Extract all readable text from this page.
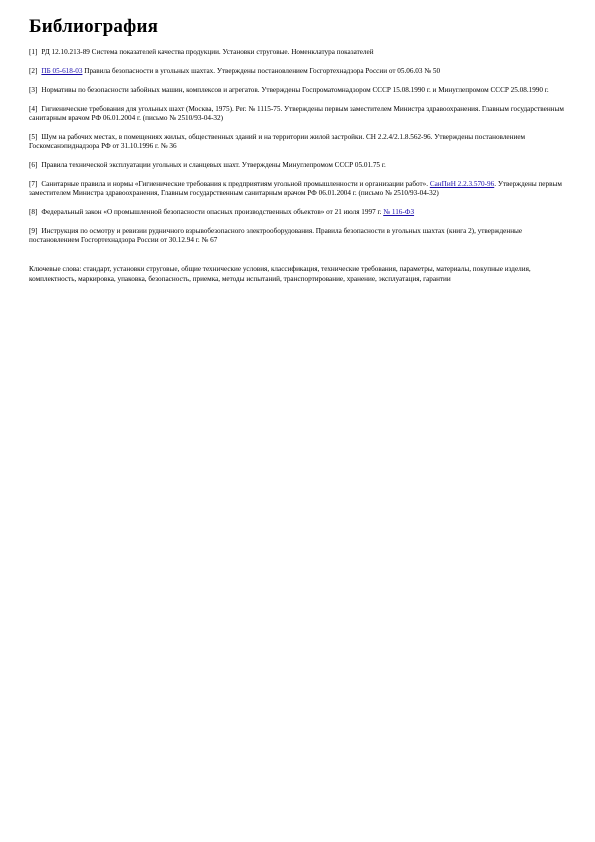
Библиография
[1] РД 12.10.213-89 Система показателей качества продукции. Установки струговые. Номенклатура показателей
[2] ПБ 05-618-03 Правила безопасности в угольных шахтах. Утверждены постановлением Госгортехнадзора России от 05.06.03 № 50
[3] Нормативы по безопасности забойных машин, комплексов и агрегатов. Утверждены Госпроматомнадзором СССР 15.08.1990 г. и Минуглепромом СССР 25.08.1990 г.
[4] Гигиенические требования для угольных шахт (Москва, 1975). Рег. № 1115-75. Утверждены первым заместителем Министра здравоохранения. Главным государственным санитарным врачом РФ 06.01.2004 г. (письмо № 2510/93-04-32)
[5] Шум на рабочих местах, в помещениях жилых, общественных зданий и на территории жилой застройки. СН 2.2.4/2.1.8.562-96. Утверждены постановлением Госкомсанэпиднадзора РФ от 31.10.1996 г. № 36
[6] Правила технической эксплуатации угольных и сланцевых шахт. Утверждены Минуглепромом СССР 05.01.75 г.
[7] Санитарные правила и нормы «Гигиенические требования к предприятиям угольной промышленности и организации работ». СанПиН 2.2.3.570-96. Утверждены первым заместителем Министра здравоохранения, Главным государственным санитарным врачом РФ 06.01.2004 г. (письмо № 2510/93-04-32)
[8] Федеральный закон «О промышленной безопасности опасных производственных объектов» от 21 июля 1997 г. № 116-ФЗ
[9] Инструкция по осмотру и ревизии рудничного взрывобезопасного электрооборудования. Правила безопасности в угольных шахтах (книга 2), утвержденные постановлением Госгортехнадзора России от 30.12.94 г. № 67
Ключевые слова: стандарт, установки струговые, общие технические условия, классификация, технические требования, параметры, материалы, покупные изделия, комплектность, маркировка, упаковка, безопасность, приемка, методы испытаний, транспортирование, хранение, эксплуатация, гарантии
